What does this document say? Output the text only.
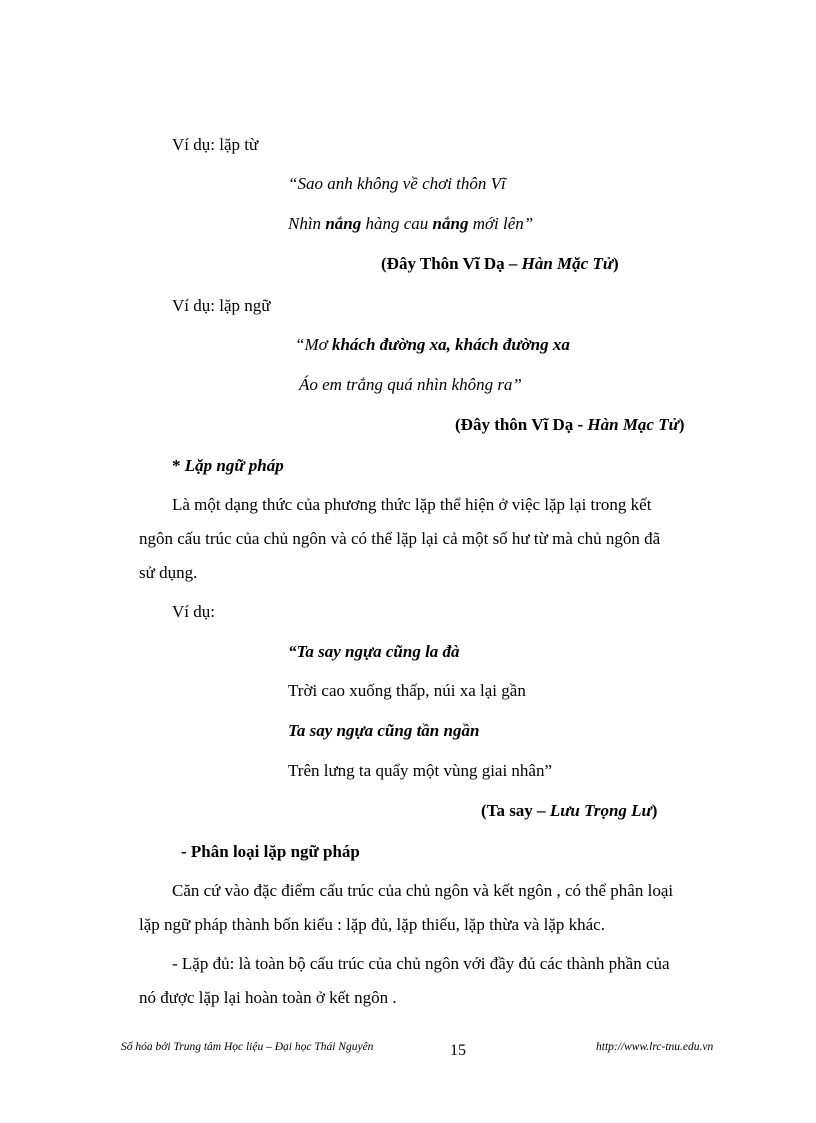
Ví dụ: lặp từ
“Sao anh không về chơi thôn Vĩ
Nhìn nắng hàng cau nắng mới lên”
(Đây Thôn Vĩ Dạ – Hàn Mặc Tử)
Ví dụ: lặp ngữ
“Mơ khách đường xa, khách đường xa
Áo em trắng quá nhìn không ra”
(Đây thôn Vĩ Dạ - Hàn Mạc Tử)
* Lặp ngữ pháp
Là một dạng thức của phương thức lặp thể hiện ở việc lặp lại trong kết
ngôn cấu trúc của chủ ngôn và có thể lặp lại cả một số hư từ mà chủ ngôn đã
sử dụng.
Ví dụ:
“Ta say ngựa cũng la đà
Trời cao xuống thấp, núi xa lại gần
Ta say ngựa cũng tần ngần
Trên lưng ta quẩy một vùng giai nhân”
(Ta say – Lưu Trọng Lư)
- Phân loại lặp ngữ pháp
Căn cứ vào đặc điểm cấu trúc của chủ ngôn và kết ngôn , có thể phân loại
lặp ngữ pháp thành bốn kiểu : lặp đủ, lặp thiếu, lặp thừa và lặp khác.
- Lặp đủ: là toàn bộ cấu trúc của chủ ngôn với đầy đủ các thành phần của
nó được lặp lại hoàn toàn ở kết ngôn .
Số hóa bởi Trung tâm Học liệu – Đại học Thái Nguyên	15	http://www.lrc-tnu.edu.vn
